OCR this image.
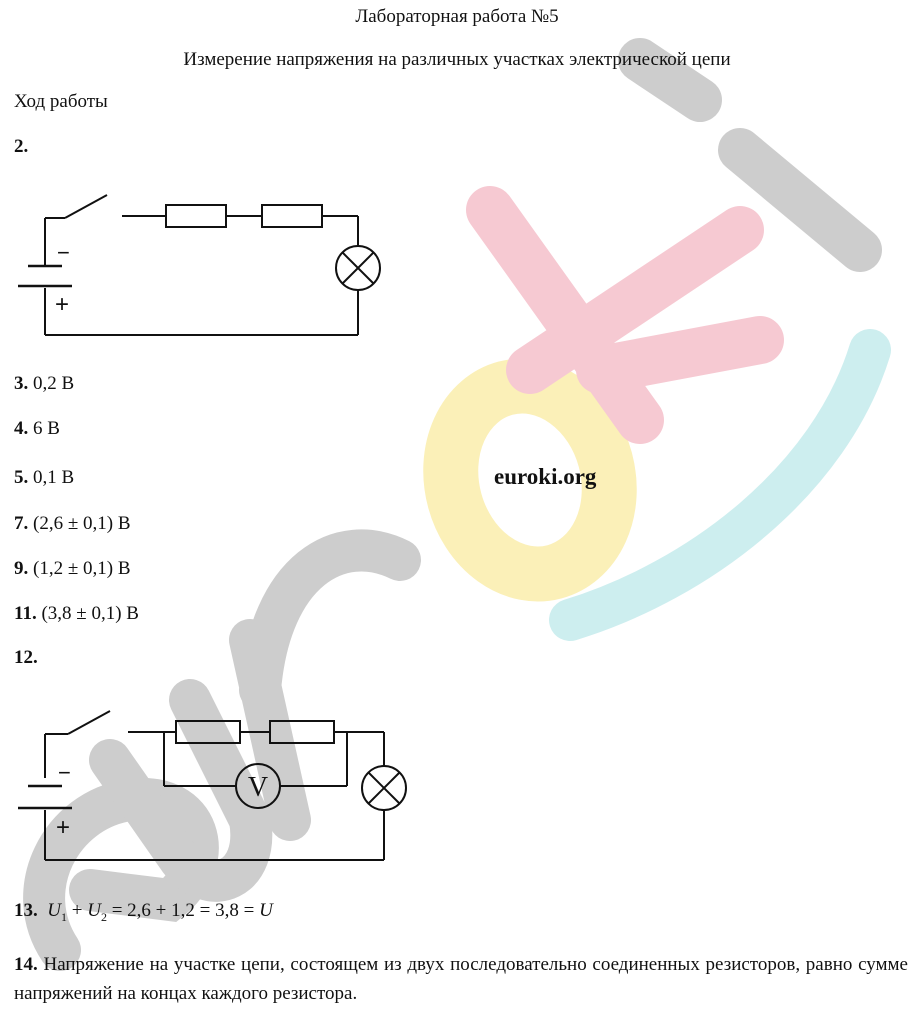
Лабораторная работа №5
Измерение напряжения на различных участках электрической цепи
Ход работы
2.
−
+
3. 0,2 В
4. 6 В
5. 0,1 В	euroki.org
7. (2,6 ± 0,1) В
9. (1,2 ± 0,1) В
11. (3,8 ± 0,1) В
12.
V
−
+
13. $U_1 + U_2 = 2,6 + 1,2 = 3,8 = U$
14. Напряжение на участке цепи, состоящем из двух последовательно соединенных резисторов, равно сумме напряжений на концах каждого резистора.
